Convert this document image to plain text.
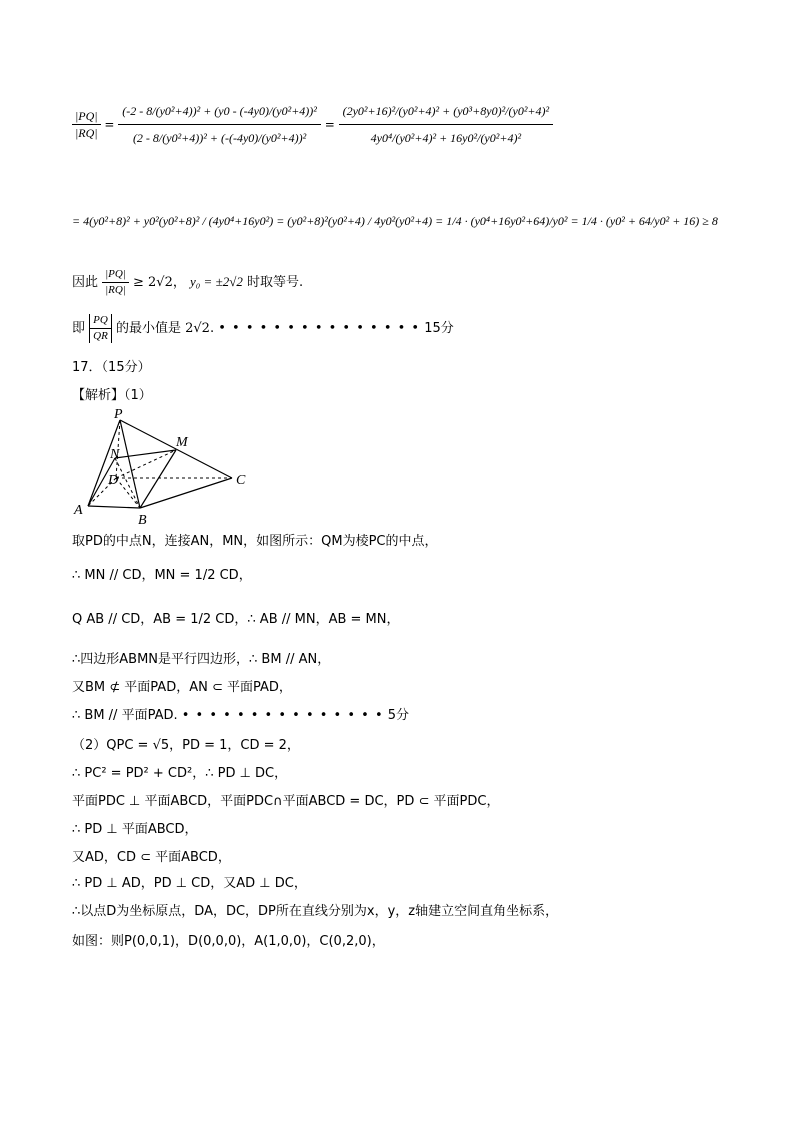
$\frac{|PQ|}{|RQ|} = \frac{\text{(-2 - 8/(y0²+4))² + (y0 - (-4y0)/(y0²+4))²}}{\text{(2 - 8/(y0²+4))² + (-(-4y0)/(y0²+4))²}} = \frac{\text{(2y0²+16)²/(y0²+4)² + (y0³+8y0)²/(y0²+4)²}}{\text{4y0⁴/(y0²+4)² + 16y0²/(y0²+4)²}}$
= 4(y0²+8)² + y0²(y0²+8)² / (4y0⁴+16y0²) = (y0²+8)²(y0²+4) / 4y0²(y0²+4) = 1/4 · (y0⁴+16y0²+64)/y0² = 1/4 · (y0² + 64/y0² + 16) ≥ 8
因此 $\frac{|PQ|}{|RQ|} \ge 2√2$， y₀ = ±2√2 时取等号.
即 $\frac{PQ}{QR}$ 的最小值是 2√2. • • • • • • • • • • • • • • • 15分
17．（15分）
【解析】（1）
P
M
N
D	C
A
B
取PD的中点N，连接AN，MN，如图所示：QM为棱PC的中点，
∴ MN // CD，MN = 1/2 CD，
Q AB // CD，AB = 1/2 CD，∴ AB // MN，AB = MN，
∴四边形ABMN是平行四边形，∴ BM // AN，
又BM ⊄ 平面PAD，AN ⊂ 平面PAD，
∴ BM // 平面PAD. • • • • • • • • • • • • • • • 5分
（2）QPC = √5，PD = 1，CD = 2，
∴ PC² = PD² + CD²，∴ PD ⊥ DC，
平面PDC ⊥ 平面ABCD，平面PDC∩平面ABCD = DC，PD ⊂ 平面PDC，
∴ PD ⊥ 平面ABCD，
又AD，CD ⊂ 平面ABCD，
∴ PD ⊥ AD，PD ⊥ CD，又AD ⊥ DC，
∴以点D为坐标原点，DA，DC，DP所在直线分别为x，y，z轴建立空间直角坐标系，
如图：则P(0,0,1)，D(0,0,0)，A(1,0,0)，C(0,2,0)，
